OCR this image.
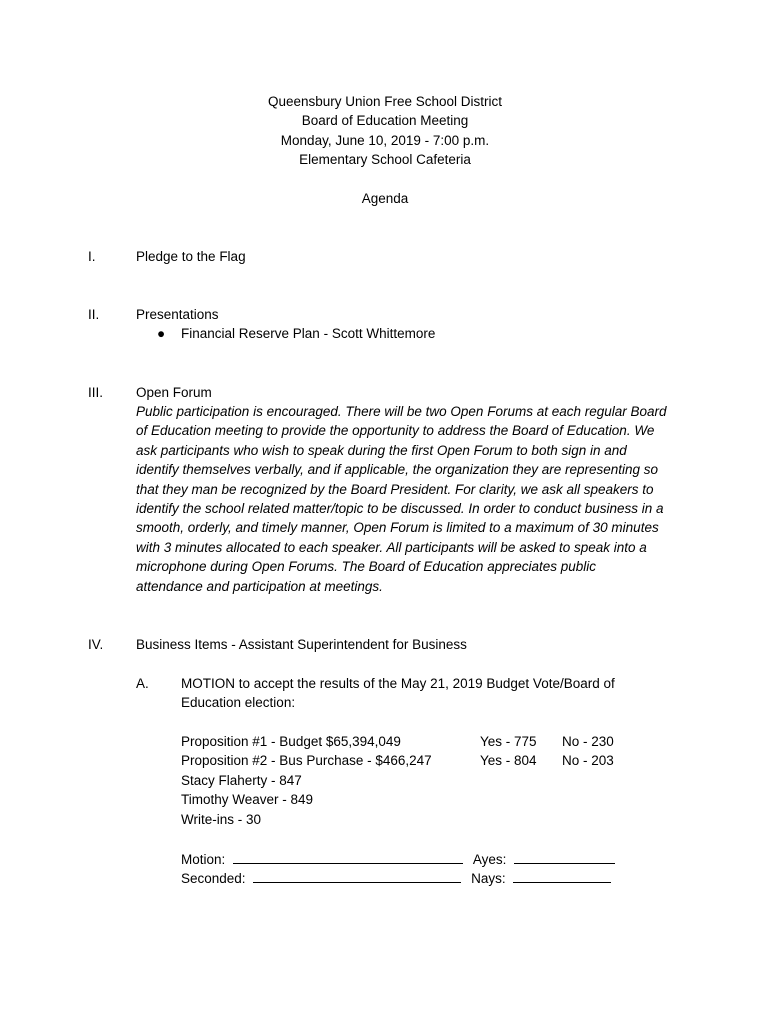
Queensbury Union Free School District
Board of Education Meeting
Monday, June 10, 2019 - 7:00 p.m.
Elementary School Cafeteria
Agenda
I.	Pledge to the Flag
II.	Presentations
● Financial Reserve Plan - Scott Whittemore
III. Open Forum
Public participation is encouraged. There will be two Open Forums at each regular Board
of Education meeting to provide the opportunity to address the Board of Education. We
ask participants who wish to speak during the first Open Forum to both sign in and
identify themselves verbally, and if applicable, the organization they are representing so
that they man be recognized by the Board President. For clarity, we ask all speakers to
identify the school related matter/topic to be discussed. In order to conduct business in a
smooth, orderly, and timely manner, Open Forum is limited to a maximum of 30 minutes
with 3 minutes allocated to each speaker. All participants will be asked to speak into a
microphone during Open Forums. The Board of Education appreciates public
attendance and participation at meetings.
IV. Business Items - Assistant Superintendent for Business
A. MOTION to accept the results of the May 21, 2019 Budget Vote/Board of
Education election:
Proposition #1 - Budget $65,394,049	Yes - 775 No - 230
Proposition #2 - Bus Purchase - $466,247	Yes - 804 No - 203
Stacy Flaherty - 847
Timothy Weaver - 849
Write-ins - 30
Motion:	Ayes:
Seconded:	Nays:
